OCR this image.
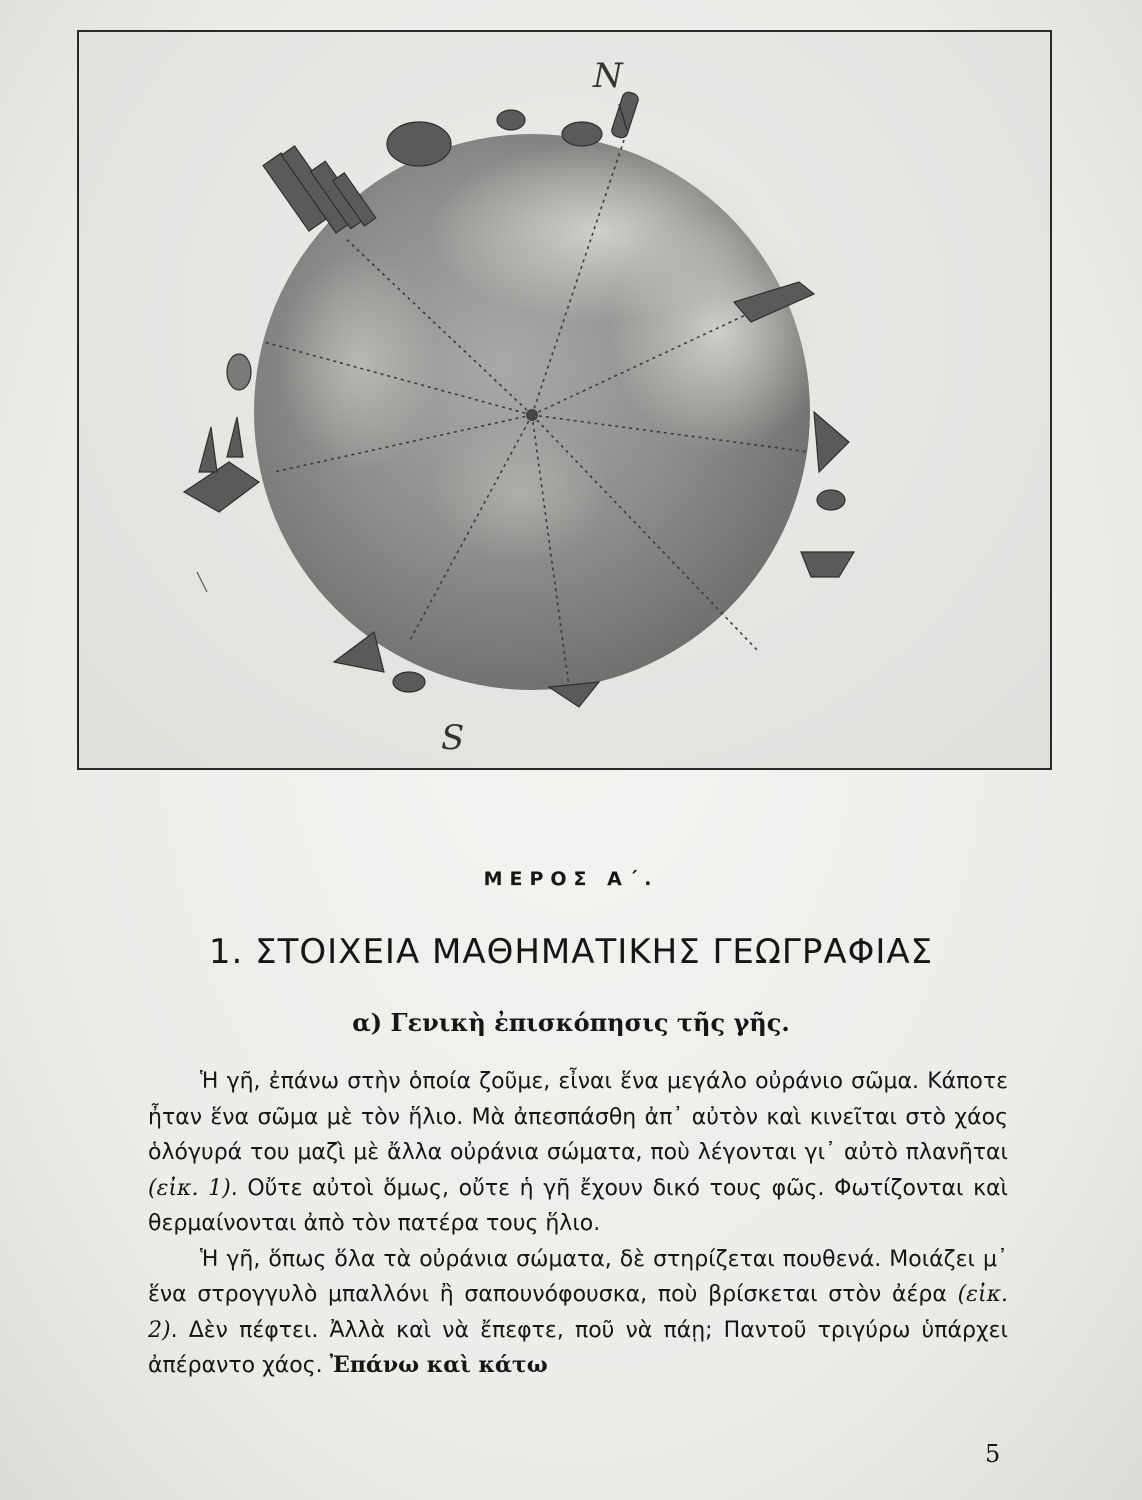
N
S
ΜΕΡΟΣ Α΄.
1. ΣΤΟΙΧΕΙΑ ΜΑΘΗΜΑΤΙΚΗΣ ΓΕΩΓΡΑΦΙΑΣ
α) Γενικὴ ἐπισκόπησις τῆς γῆς.

Ἡ γῆ, ἐπάνω στὴν ὁποία ζοῦμε, εἶναι ἕνα μεγάλο οὐράνιο σῶμα. Κάποτε ἦταν ἕνα σῶμα μὲ τὸν ἥλιο. Μὰ ἀπεσπάσθη ἀπ᾽ αὐτὸν καὶ κινεῖται στὸ χάος ὁλόγυρά του μαζὶ μὲ ἄλλα οὐράνια σώματα, ποὺ λέγονται γι᾽ αὐτὸ πλανῆται (εἰκ. 1). Οὔτε αὐτοὶ ὅμως, οὔτε ἡ γῆ ἔχουν δικό τους φῶς. Φωτίζονται καὶ θερμαίνονται ἀπὸ τὸν πατέρα τους ἥλιο.

Ἡ γῆ, ὅπως ὅλα τὰ οὐράνια σώματα, δὲ στηρίζεται πουθενά. Μοιάζει μ᾽ ἕνα στρογγυλὸ μπαλλόνι ἢ σαπουνόφουσκα, ποὺ βρίσκεται στὸν ἀέρα (εἰκ. 2). Δὲν πέφτει. Ἀλλὰ καὶ νὰ ἔπεφτε, ποῦ νὰ πάῃ; Παντοῦ τριγύρω ὑπάρχει ἀπέραντο χάος. Ἐπάνω καὶ κάτω

5
